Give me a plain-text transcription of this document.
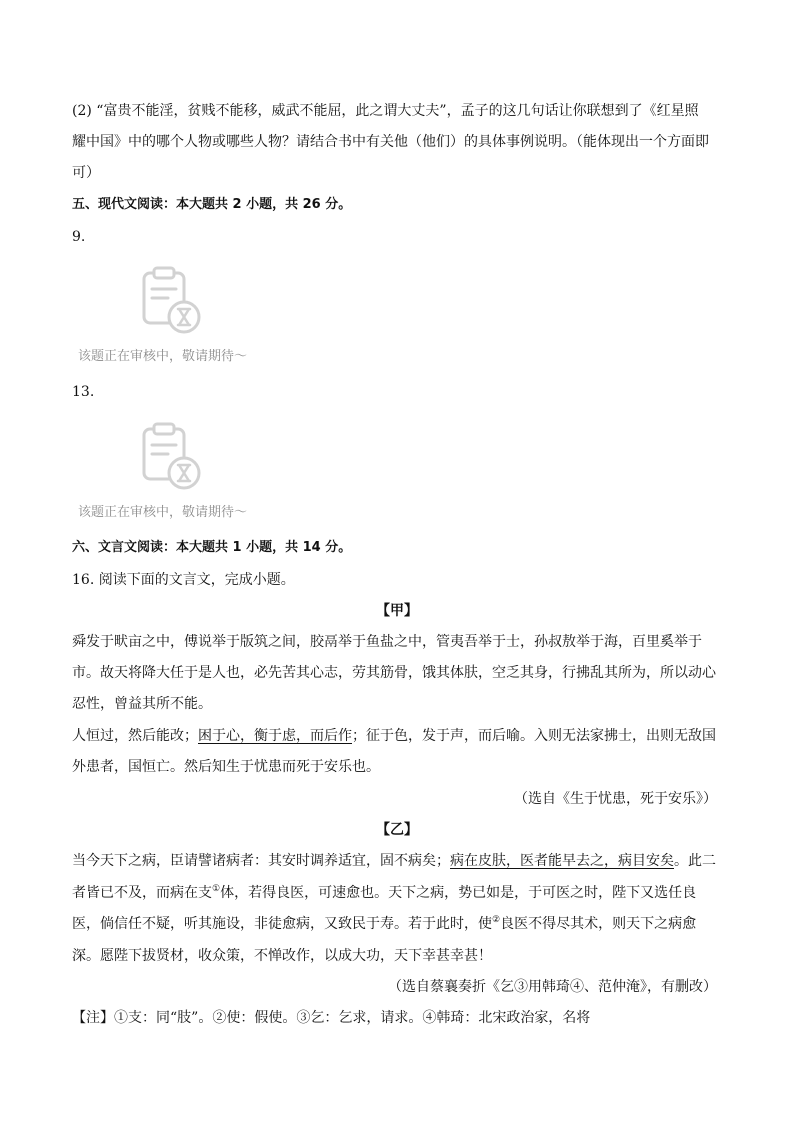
(2) “富贵不能淫，贫贱不能移，威武不能屈，此之谓大丈夫”，孟子的这几句话让你联想到了《红星照
耀中国》中的哪个人物或哪些人物？请结合书中有关他（他们）的具体事例说明。（能体现出一个方面即
可）
五、现代文阅读：本大题共 2 小题，共 26 分。
9.
该题正在审核中，敬请期待～
13.
该题正在审核中，敬请期待～
六、文言文阅读：本大题共 1 小题，共 14 分。
16. 阅读下面的文言文，完成小题。
【甲】
舜发于畎亩之中，傅说举于版筑之间，胶鬲举于鱼盐之中，管夷吾举于士，孙叔敖举于海，百里奚举于
市。故天将降大任于是人也，必先苦其心志，劳其筋骨，饿其体肤，空乏其身，行拂乱其所为，所以动心
忍性，曾益其所不能。
人恒过，然后能改；困于心，衡于虑，而后作；征于色，发于声，而后喻。入则无法家拂士，出则无敌国
外患者，国恒亡。然后知生于忧患而死于安乐也。
（选自《生于忧患，死于安乐》）
【乙】
当今天下之病，臣请譬诸病者：其安时调养适宜，固不病矣；病在皮肤，医者能早去之，病目安矣。此二
者皆已不及，而病在支①体，若得良医，可速愈也。天下之病，势已如是，于可医之时，陛下又选任良
医，倘信任不疑，听其施设，非徒愈病，又致民于寿。若于此时，使②良医不得尽其术，则天下之病愈
深。愿陛下拔贤材，收众策，不惮改作，以成大功，天下幸甚幸甚！
（选自蔡襄奏折《乞③用韩琦④、范仲淹》，有删改）
【注】①支：同“肢”。②使：假使。③乞：乞求，请求。④韩琦：北宋政治家，名将
